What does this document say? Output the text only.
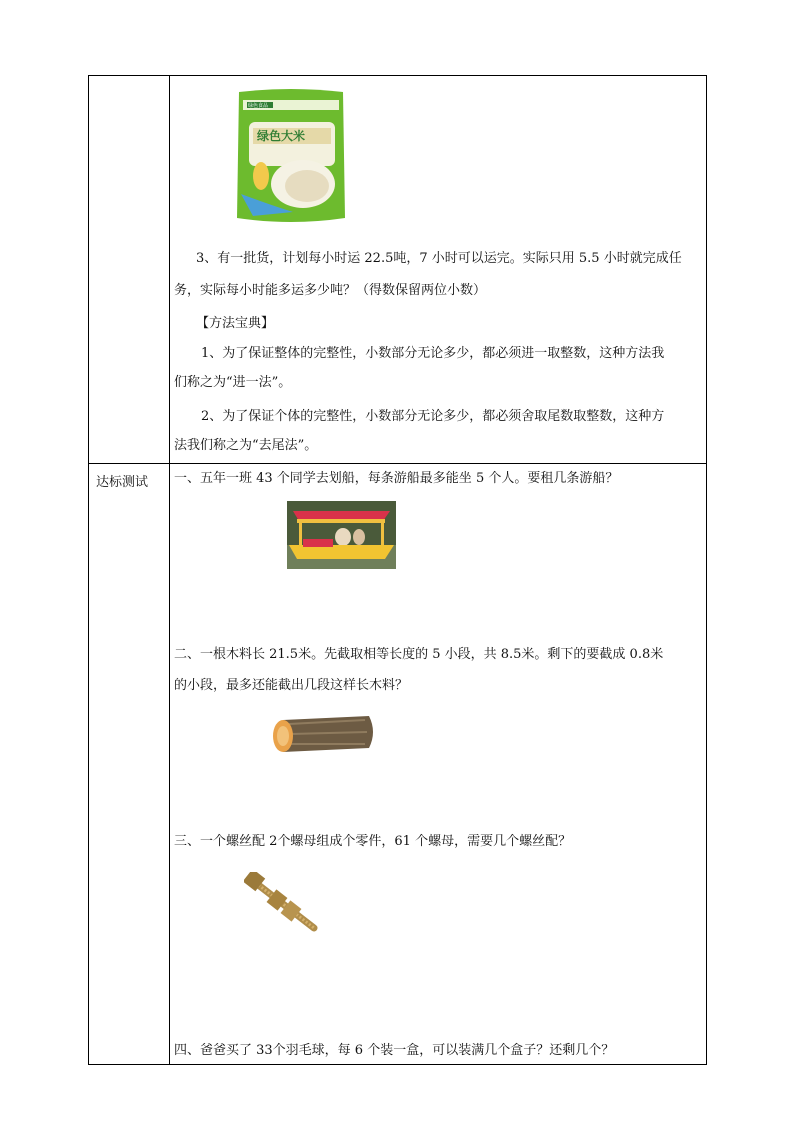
达标测试
绿色大米
绿色食品
3、有一批货，计划每小时运 22.5吨，7 小时可以运完。实际只用 5.5 小时就完成任
务，实际每小时能多运多少吨？（得数保留两位小数）
【方法宝典】
1、为了保证整体的完整性，小数部分无论多少，都必须进一取整数，这种方法我
们称之为“进一法”。
2、为了保证个体的完整性，小数部分无论多少，都必须舍取尾数取整数，这种方
法我们称之为“去尾法”。
一、五年一班 43 个同学去划船，每条游船最多能坐 5 个人。要租几条游船？
二、一根木料长 21.5米。先截取相等长度的 5 小段，共 8.5米。剩下的要截成 0.8米
的小段，最多还能截出几段这样长木料？
三、一个螺丝配 2个螺母组成个零件，61 个螺母，需要几个螺丝配？
四、爸爸买了 33个羽毛球，每 6 个装一盒，可以装满几个盒子？还剩几个？
